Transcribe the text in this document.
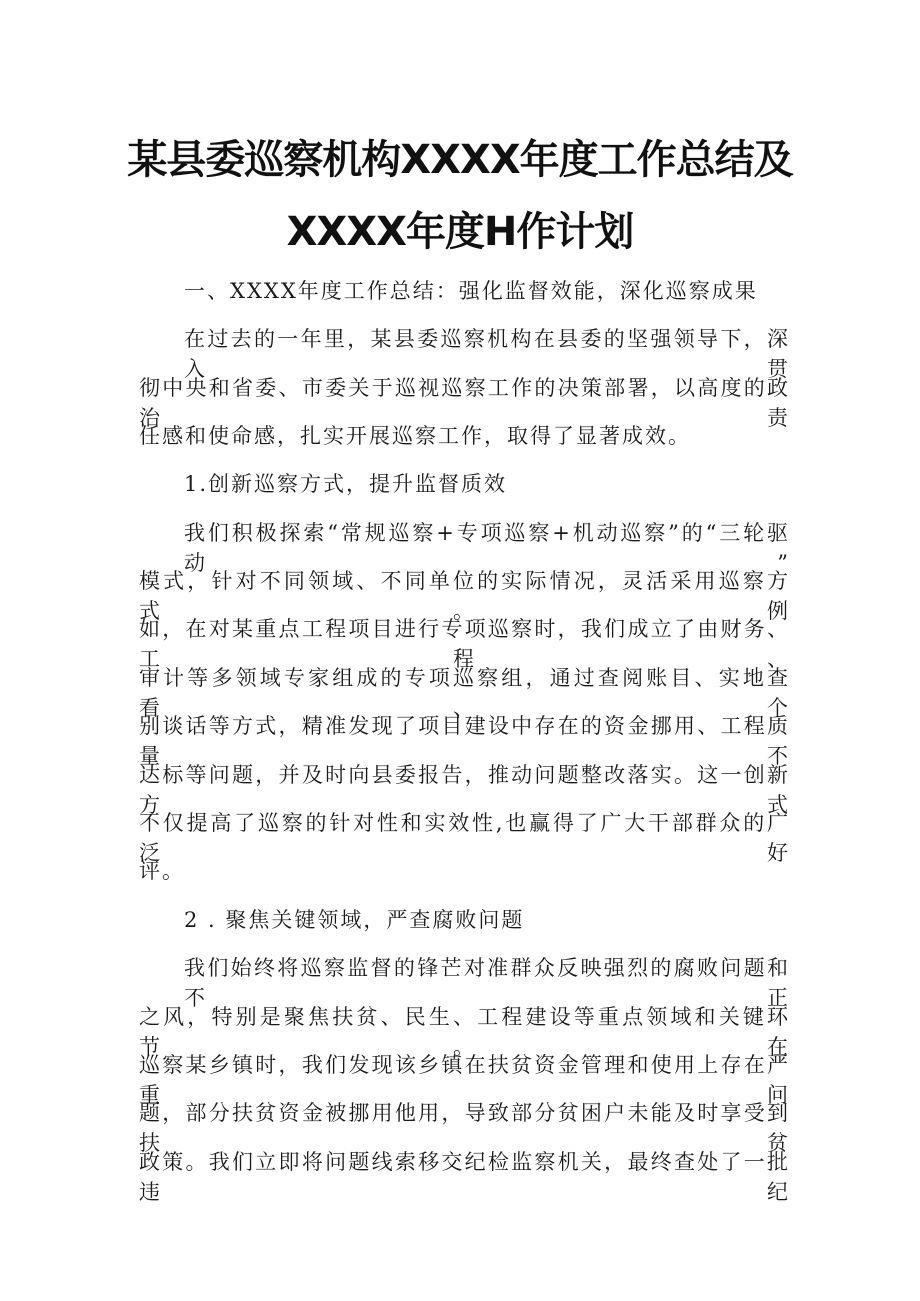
某县委巡察机构XXXX年度工作总结及
XXXX年度H作计划
一、XXXX年度工作总结：强化监督效能，深化巡察成果
在过去的一年里，某县委巡察机构在县委的坚强领导下，深入贯
彻中央和省委、市委关于巡视巡察工作的决策部署，以高度的政治责
任感和使命感，扎实开展巡察工作，取得了显著成效。
1.创新巡察方式，提升监督质效
我们积极探索“常规巡察+专项巡察+机动巡察”的“三轮驱动”
模式，针对不同领域、不同单位的实际情况，灵活采用巡察方式。例
如，在对某重点工程项目进行专项巡察时，我们成立了由财务、工程、
审计等多领域专家组成的专项巡察组，通过查阅账目、实地查看、个
别谈话等方式，精准发现了项目建设中存在的资金挪用、工程质量不
达标等问题，并及时向县委报告，推动问题整改落实。这一创新方式
不仅提高了巡察的针对性和实效性,也赢得了广大干部群众的广泛好
评。
2 . 聚焦关键领域，严查腐败问题
我们始终将巡察监督的锋芒对准群众反映强烈的腐败问题和不正
之风，特别是聚焦扶贫、民生、工程建设等重点领域和关键环节。在
巡察某乡镇时，我们发现该乡镇在扶贫资金管理和使用上存在严重问
题，部分扶贫资金被挪用他用，导致部分贫困户未能及时享受到扶贫
政策。我们立即将问题线索移交纪检监察机关，最终查处了一批违纪
